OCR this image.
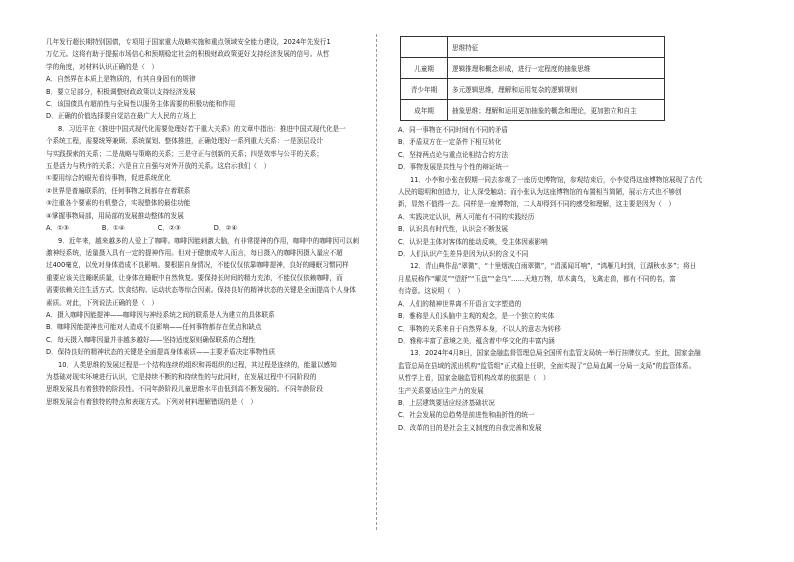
几年发行超长期特别国债，专项用于国家重大战略实施和重点领域安全能力建设，2024年先发行1

万亿元。这将有助于提振市场信心和预期稳定社会的积极财政政策更好支持经济发展的信号。从哲

学的角度，对材料认识正确的是（　）

A．自然界在本质上是物质的，有其自身固有的规律

B．要立足部分，积极调整财政政策以支持经济发展

C．该国债具有超前性与全局性以服务主体需要的积极功能和作用

D．正确的价值选择要自觉站在最广大人民的立场上

8．习近平在《推进中国式现代化需要处理好若干重大关系》的文章中指出：推进中国式现代化是一

个系统工程，需要统筹兼顾、系统谋划、整体推进，正确处理好一系列重大关系：一是顶层设计

与实践探索的关系；二是战略与策略的关系；三是守正与创新的关系；四是效率与公平的关系；

五是活力与秩序的关系；六是自立自强与对外开放的关系。这启示我们（　）

①要用综合的眼光看待事物，促进系统优化

②世界是普遍联系的，任何事物之间都存在着联系

③注重各个要素的有机整合，实现整体的最佳功能

④掌握事物局部，用局部的发展推动整体的发展

A．①③　　　　　B．①④　　　　　C．②③　　　　　D．②④

9．近年来，越来越多的人爱上了咖啡。咖啡因能刺激大脑，有非常提神的作用，咖啡中的咖啡因可以刺

激神经系统，适量摄入具有一定的提神作用。但对于健康成年人而言，每日摄入的咖啡因摄入量应不超

过400毫克，以免对身体造成不良影响。要根据自身情况，不能仅仅依靠咖啡提神，良好的睡眠习惯同样

重要应该关注睡眠质量，让身体在睡眠中自然恢复。要保持长时间的精力充沛，不能仅仅依赖咖啡，而

需要依赖关注生活方式、饮食结构、运动状态等综合因素。保持良好的精神状态的关键是全面提高个人身体

素质。对此，下列说法正确的是（　）

A．摄入咖啡因能提神——咖啡因与神经系统之间的联系是人为建立的具体联系

B．咖啡因能提神也可能对人造成不良影响——任何事物都存在优点和缺点

C．每天摄入咖啡因量并非越多越好——坚持适度原则确保联系的合理性

D．保持良好的精神状态的关键是全面提高身体素质——主要矛盾决定事物性质

10．人类思维的发展过程是一个结构连续的组织和再组织的过程，其过程是连续的，能量以感知

为基础对现实环境进行认识，它是持续不断的和持续性的与此同时，在发展过程中不同阶段的

思维发展具有着独特的阶段性。不同年龄阶段儿童思维水平由低到高不断发展的。不同年龄阶段

思维发展会有着独特的特点和表现方式。下列对材料理解错误的是（　）

	思维特征
儿童期	逻辑推理和概念形成，进行一定程度的抽象思维
青少年期	多元逻辑思维，理解和运用复杂的逻辑规则
成年期	抽象思维；理解和运用更加抽象的概念和理论，更加独立和自主

A．同一事物在不同时间有不同的矛盾

B．矛盾双方在一定条件下相互转化

C．坚持两点论与重点论相结合的方法

D．事物发展是共性与个性的辩证统一

11．小李和小张在假期一同去参观了一座历史博物馆，参观结束后，小李觉得这座博物馆展现了古代

人民的聪明和创造力，让人深受触动；而小张认为这座博物馆的布置相当简陋，展示方式也不够创

新，显然不值得一去。同样是一座博物馆，二人却得到不同的感受和理解，这主要是因为（　）

A．实践决定认识，两人可能有不同的实践经历

B．认识具有时代性，认识会不断发展

C．认识是主体对客体的能动反映，受主体因素影响

D．人们认识产生差异是因为认识的含义不同

12．青山典作品“翠微”，“十里烟波白雨翠微”，“涓溪闻耳响”，“鸿雁几时到，江湖秋水多”；将日

月星辰称作“曜灵”“望舒”“玉盘”“金乌”……天地万物，草木禽鸟，飞禽走兽，都有不同的名，富

有诗意。这说明（　）

A．人们的精神世界离不开语言文字塑造的

B．雅称是人们头脑中主观的观念，是一个独立的实体

C．事物的关系来自于自然界本身，不以人的意志为转移

D．雅称丰富了意境之美，蕴含着中华文化的丰富内涵

13．2024年4月8日，国家金融监督管理总局全国所有监管支局统一举行挂牌仪式。至此，国家金融

监管总局在县域的派出机构“监管组”正式稳上任职，全面实现了“总局直属一分局一支局”的监管体系。

从哲学上看，国家金融监管机构改革的依据是（　）

生产关系要适应生产力的发展

B．上层建筑要适应经济基础状况

C．社会发展的总趋势是前进性和曲折性的统一

D．改革的目的是社会主义制度的自我完善和发展
